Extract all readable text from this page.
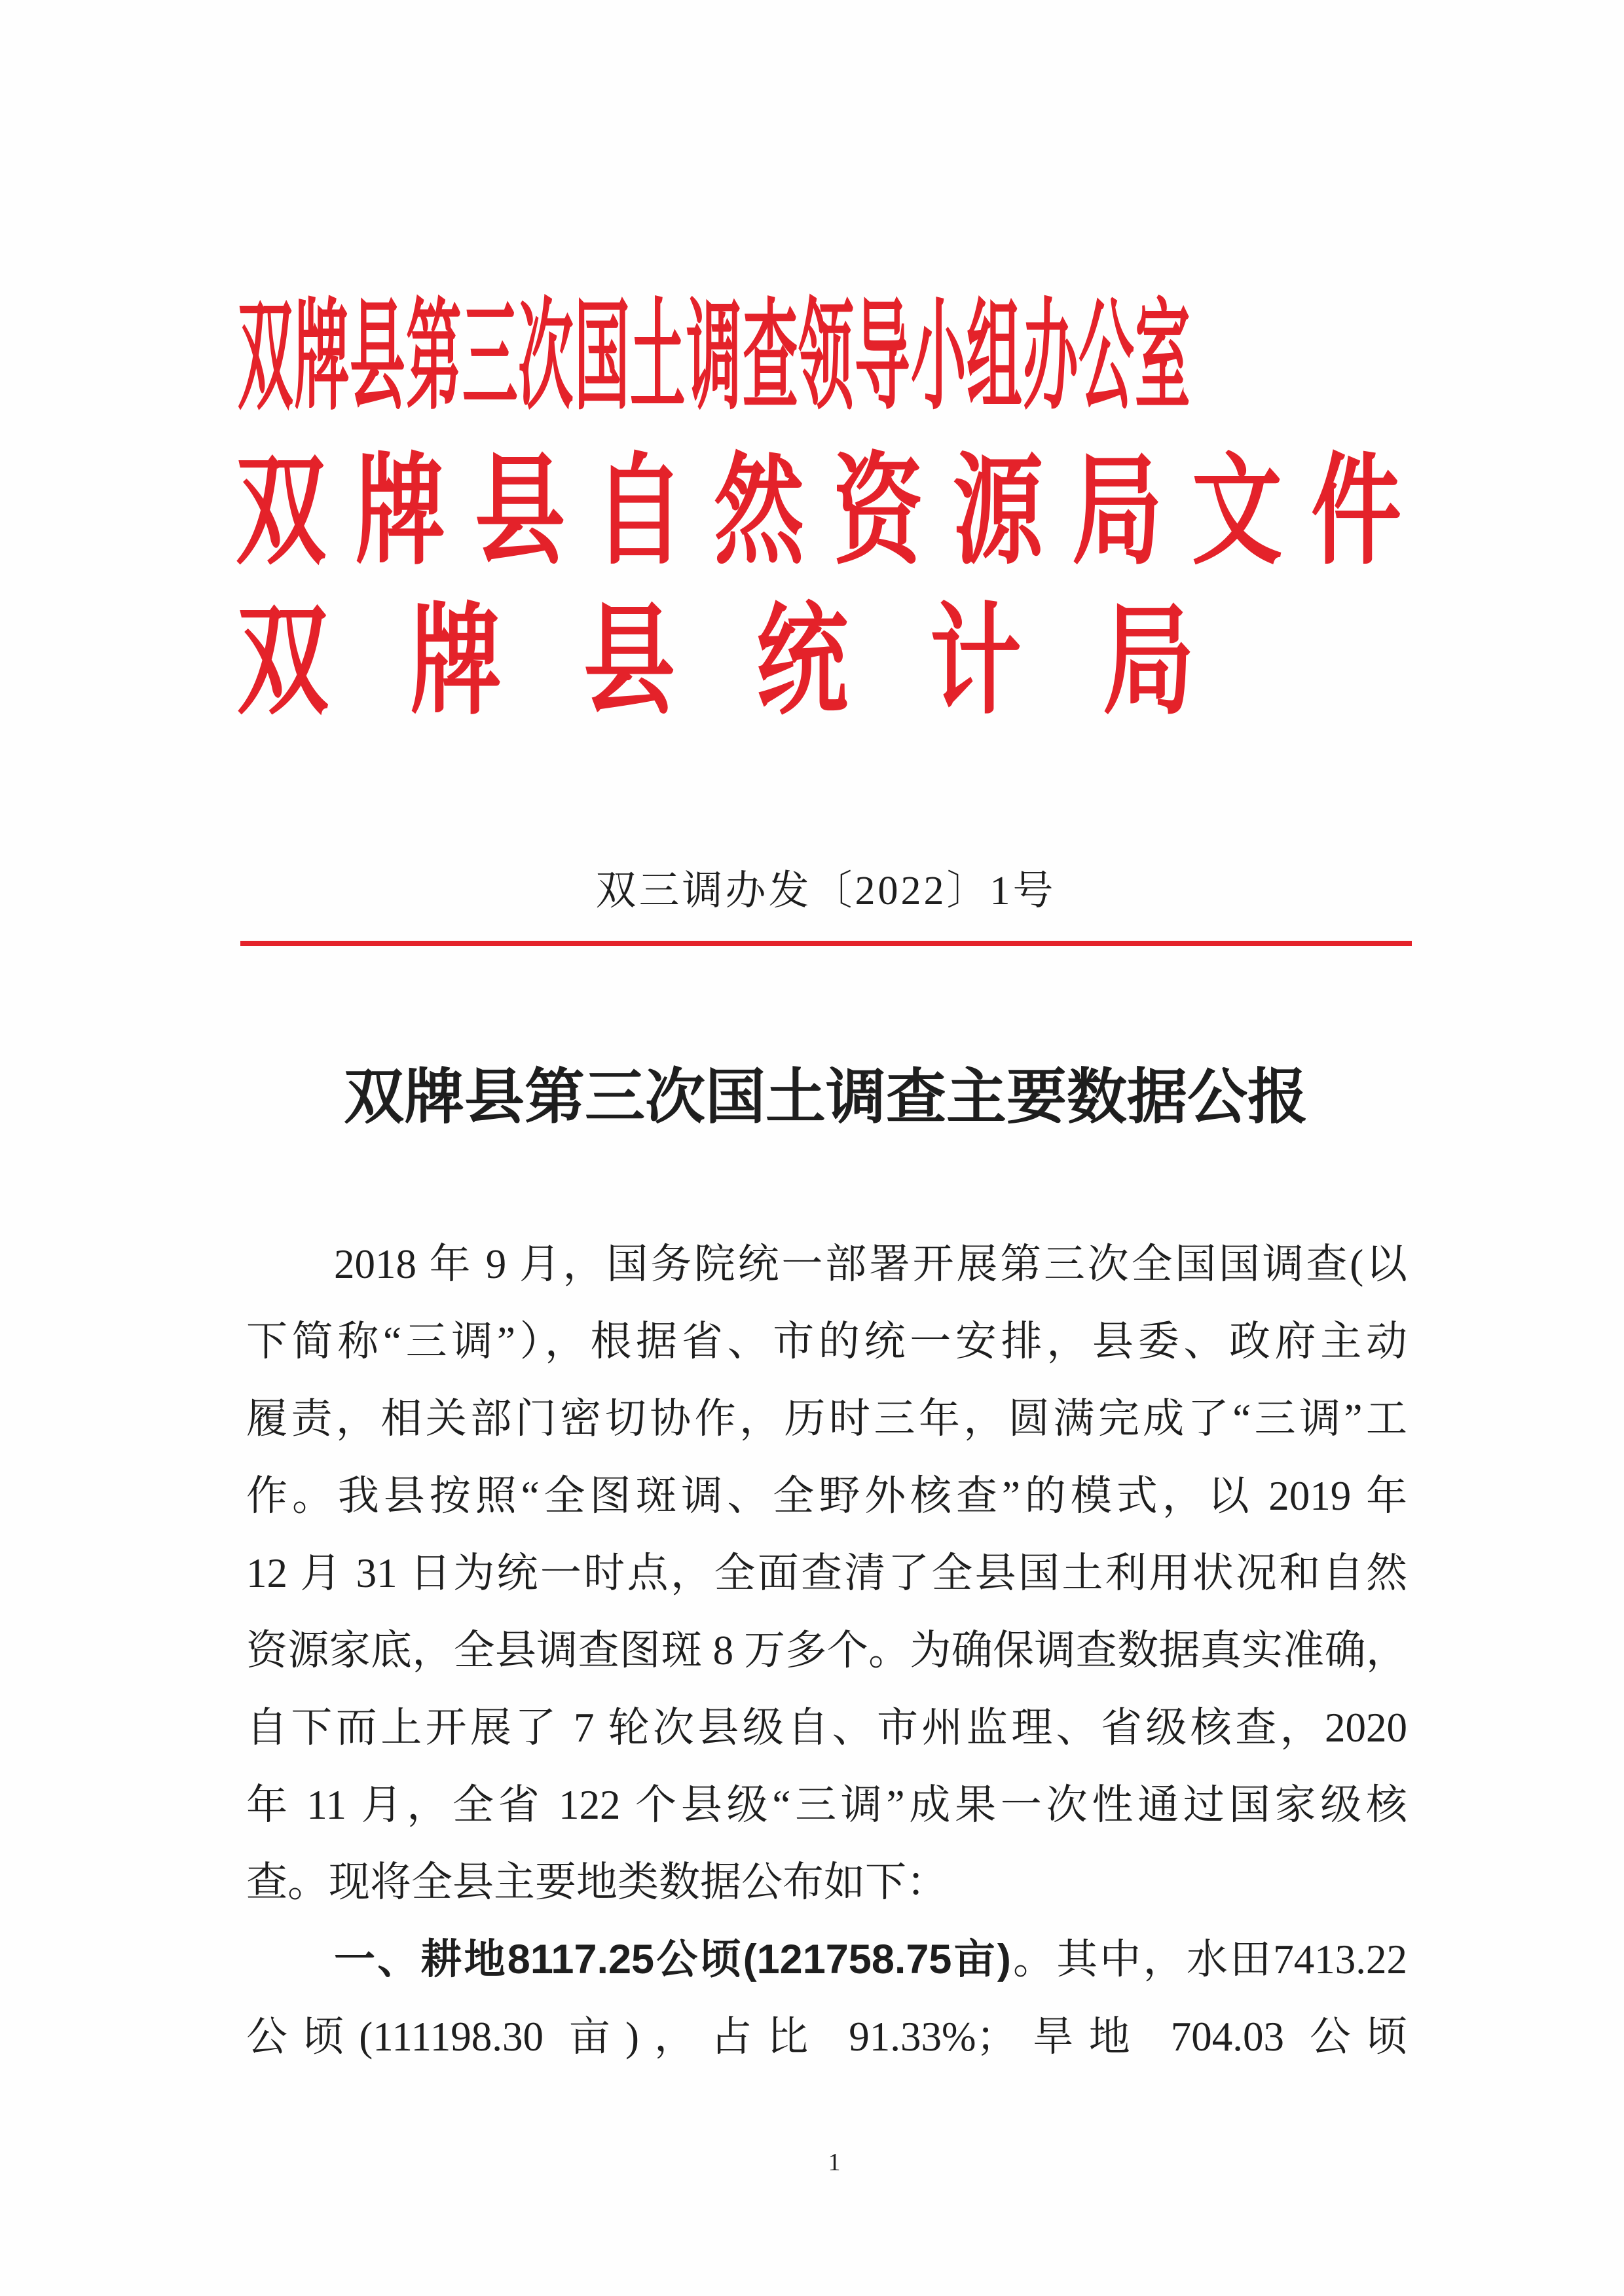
双 牌 县 第 三 次 国 土 调 查 领 导 小 组 办 公 室
双 牌 县 自 然 资 源 局 文 件
双 牌 县 统 计 局
双三调办发〔2022〕1号
双牌县第三次国土调查主要数据公报
2018 年 9 月，国务院统一部署开展第三次全国国调查(以
下简称“三调”），根据省、市的统一安排，县委、政府主动
履责，相关部门密切协作，历时三年，圆满完成了“三调”工
作。我县按照“全图斑调、全野外核查”的模式，以 2019 年
12 月 31 日为统一时点，全面查清了全县国土利用状况和自然
资源家底，全县调查图斑 8 万多个。为确保调查数据真实准确，
自下而上开展了 7 轮次县级自、市州监理、省级核查，2020
年 11 月，全省 122 个县级“三调”成果一次性通过国家级核
查。现将全县主要地类数据公布如下：
一、耕地8117.25公顷(121758.75亩)。其中，水田7413.22
公顷(111198.30 亩)，占比 91.33%；旱地 704.03 公顷
1
